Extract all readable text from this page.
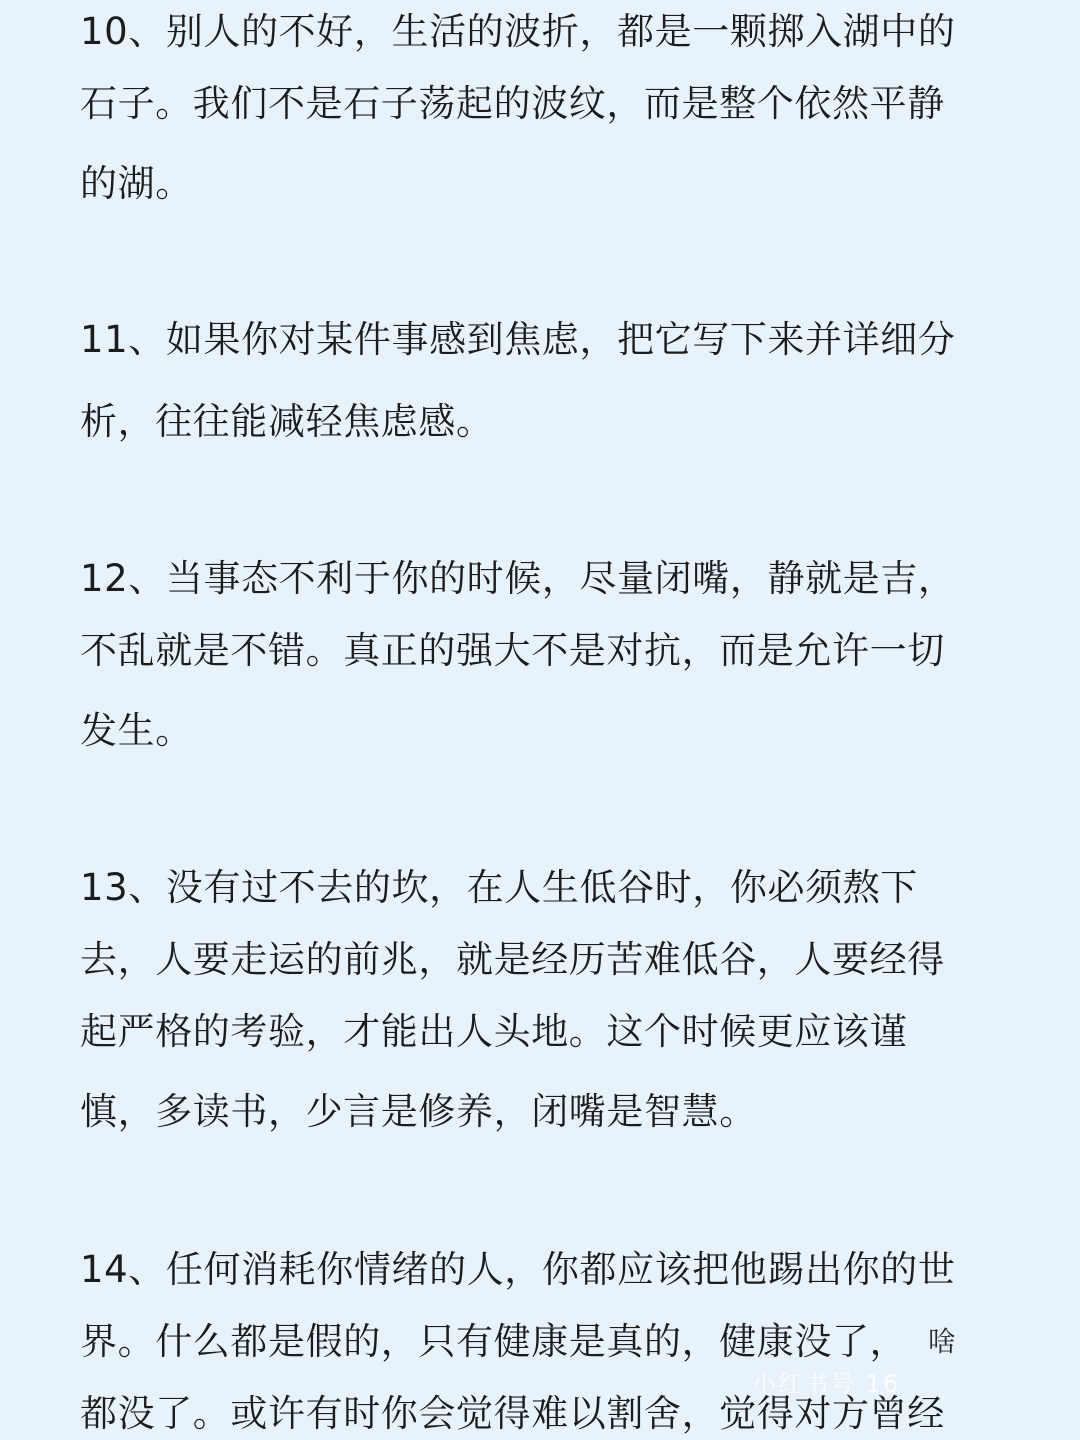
10、别人的不好，生活的波折，都是一颗掷入湖中的
石子。我们不是石子荡起的波纹，而是整个依然平静
的湖。
11、如果你对某件事感到焦虑，把它写下来并详细分
析，往往能减轻焦虑感。
12、当事态不利于你的时候，尽量闭嘴，静就是吉，
不乱就是不错。真正的强大不是对抗，而是允许一切
发生。
13、没有过不去的坎，在人生低谷时，你必须熬下
去，人要走运的前兆，就是经历苦难低谷，人要经得
起严格的考验，才能出人头地。这个时候更应该谨
慎，多读书，少言是修养，闭嘴是智慧。
14、任何消耗你情绪的人，你都应该把他踢出你的世
界。什么都是假的，只有健康是真的，健康没了，
都没了。或许有时你会觉得难以割舍，觉得对方曾经
啥
小红书号 16
